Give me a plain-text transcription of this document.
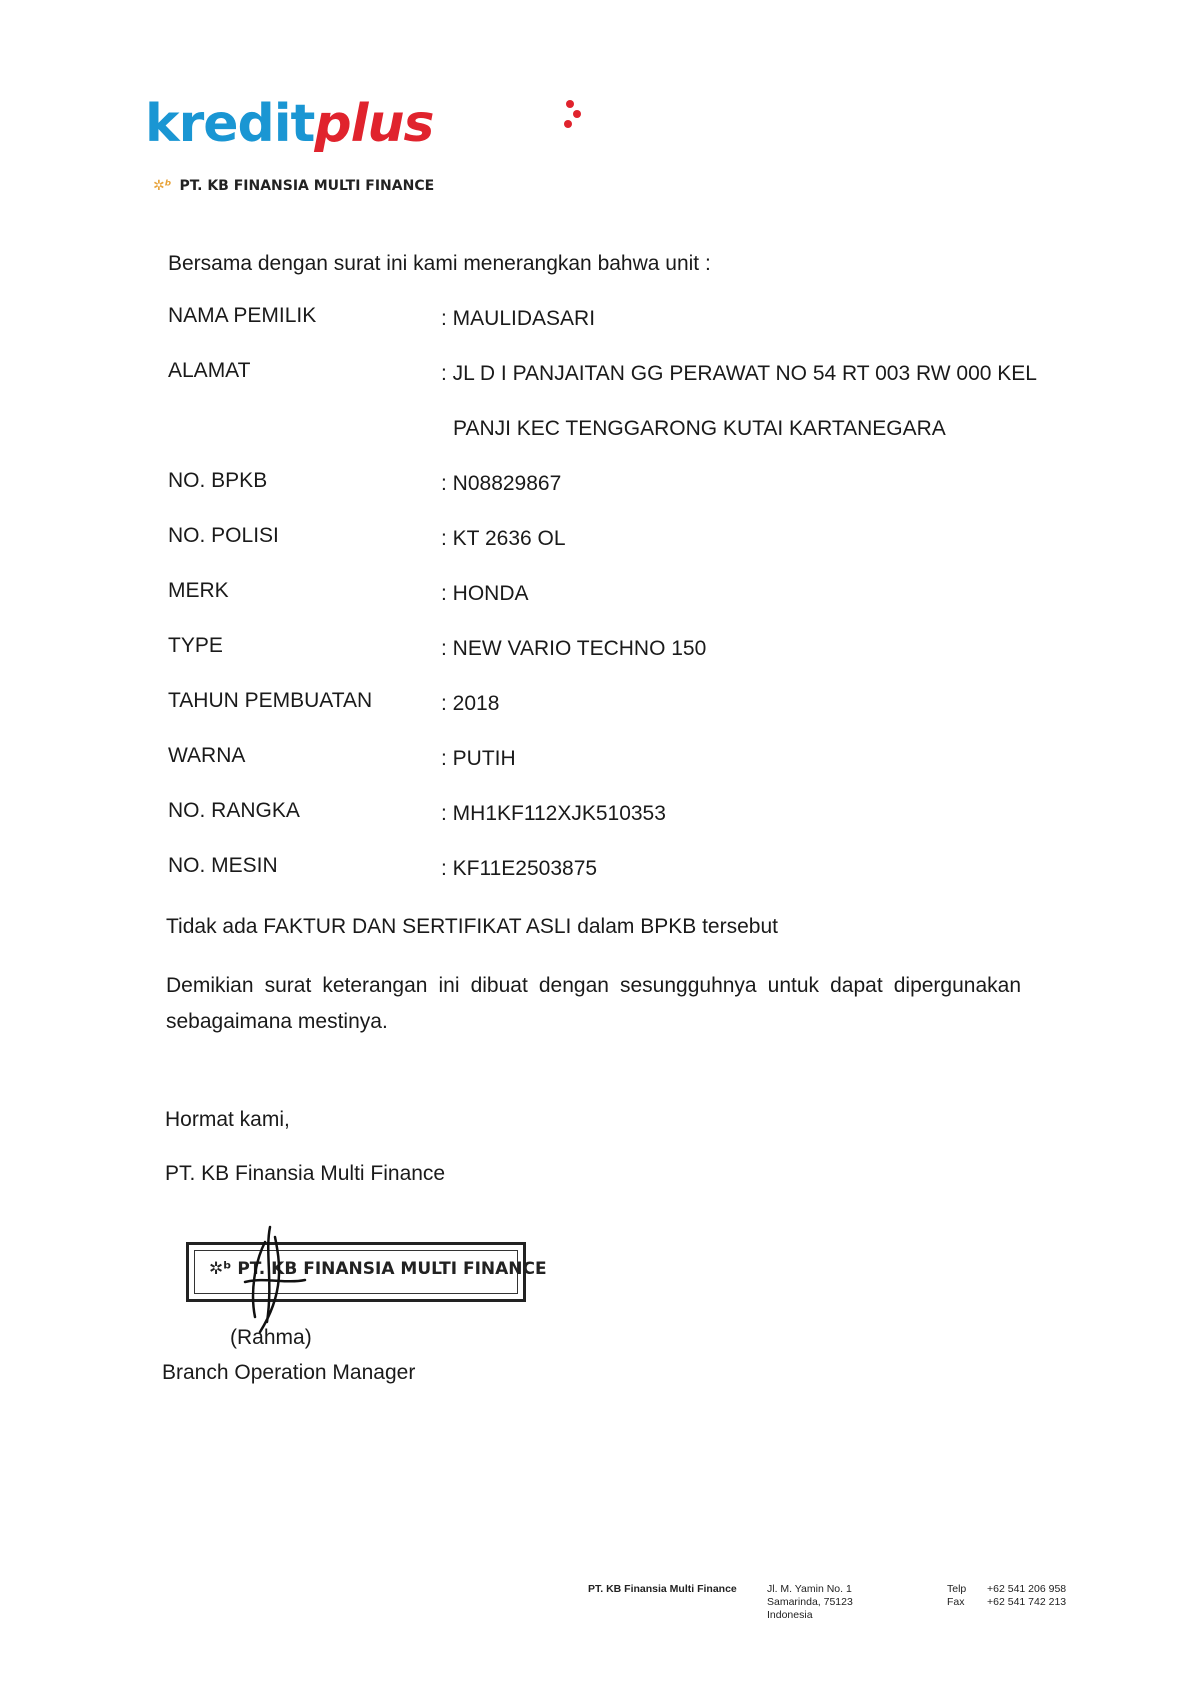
kreditplus
✲ᵇ PT. KB FINANSIA MULTI FINANCE
Bersama dengan surat ini kami menerangkan bahwa unit :
NAMA PEMILIK	: MAULIDASARI
ALAMAT	: JL D I PANJAITAN GG PERAWAT NO 54 RT 003 RW 000 KEL
PANJI KEC TENGGARONG KUTAI KARTANEGARA
NO. BPKB	: N08829867
NO. POLISI	: KT 2636 OL
MERK	: HONDA
TYPE	: NEW VARIO TECHNO 150
TAHUN PEMBUATAN	: 2018
WARNA	: PUTIH
NO. RANGKA	: MH1KF112XJK510353
NO. MESIN	: KF11E2503875
Tidak ada FAKTUR DAN SERTIFIKAT ASLI dalam BPKB tersebut
Demikian surat keterangan ini dibuat dengan sesungguhnya untuk dapat dipergunakan sebagaimana mestinya.
Hormat kami,
PT. KB Finansia Multi Finance
✲ᵇ PT. KB FINANSIA MULTI FINANCE
(Rahma)
Branch Operation Manager
PT. KB Finansia Multi Finance	Jl. M. Yamin No. 1
Samarinda, 75123
Indonesia
Telp +62 541 206 958
Fax +62 541 742 213
